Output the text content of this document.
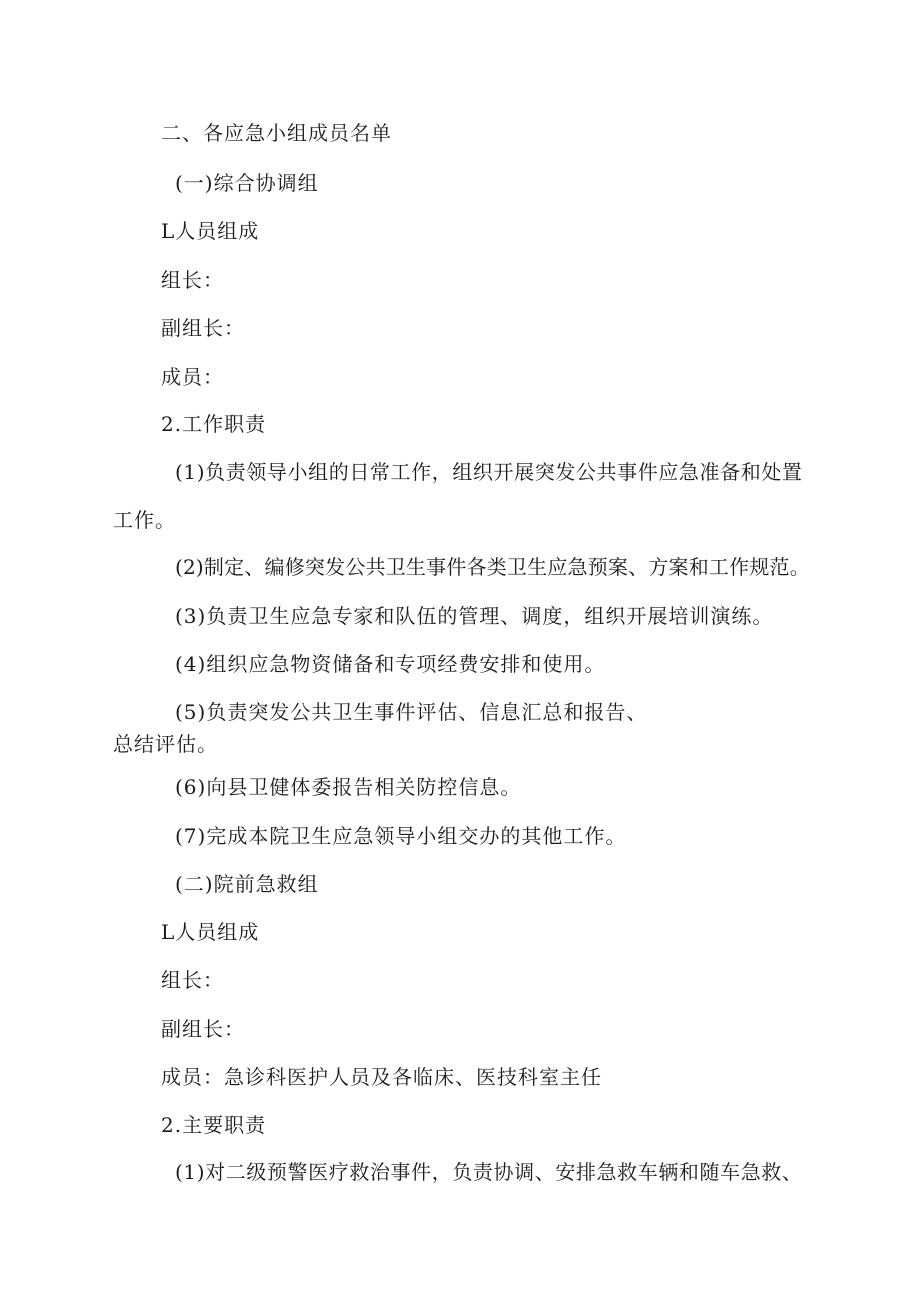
二、各应急小组成员名单
(一)综合协调组
L人员组成
组长：
副组长：
成员：
2.工作职责
(1)负责领导小组的日常工作，组织开展突发公共事件应急准备和处置
工作。
(2)制定、编修突发公共卫生事件各类卫生应急预案、方案和工作规范。
(3)负责卫生应急专家和队伍的管理、调度，组织开展培训演练。
(4)组织应急物资储备和专项经费安排和使用。
(5)负责突发公共卫生事件评估、信息汇总和报告、
总结评估。
(6)向县卫健体委报告相关防控信息。
(7)完成本院卫生应急领导小组交办的其他工作。
(二)院前急救组
L人员组成
组长：
副组长：
成员：急诊科医护人员及各临床、医技科室主任
2.主要职责
(1)对二级预警医疗救治事件，负责协调、安排急救车辆和随车急救、
